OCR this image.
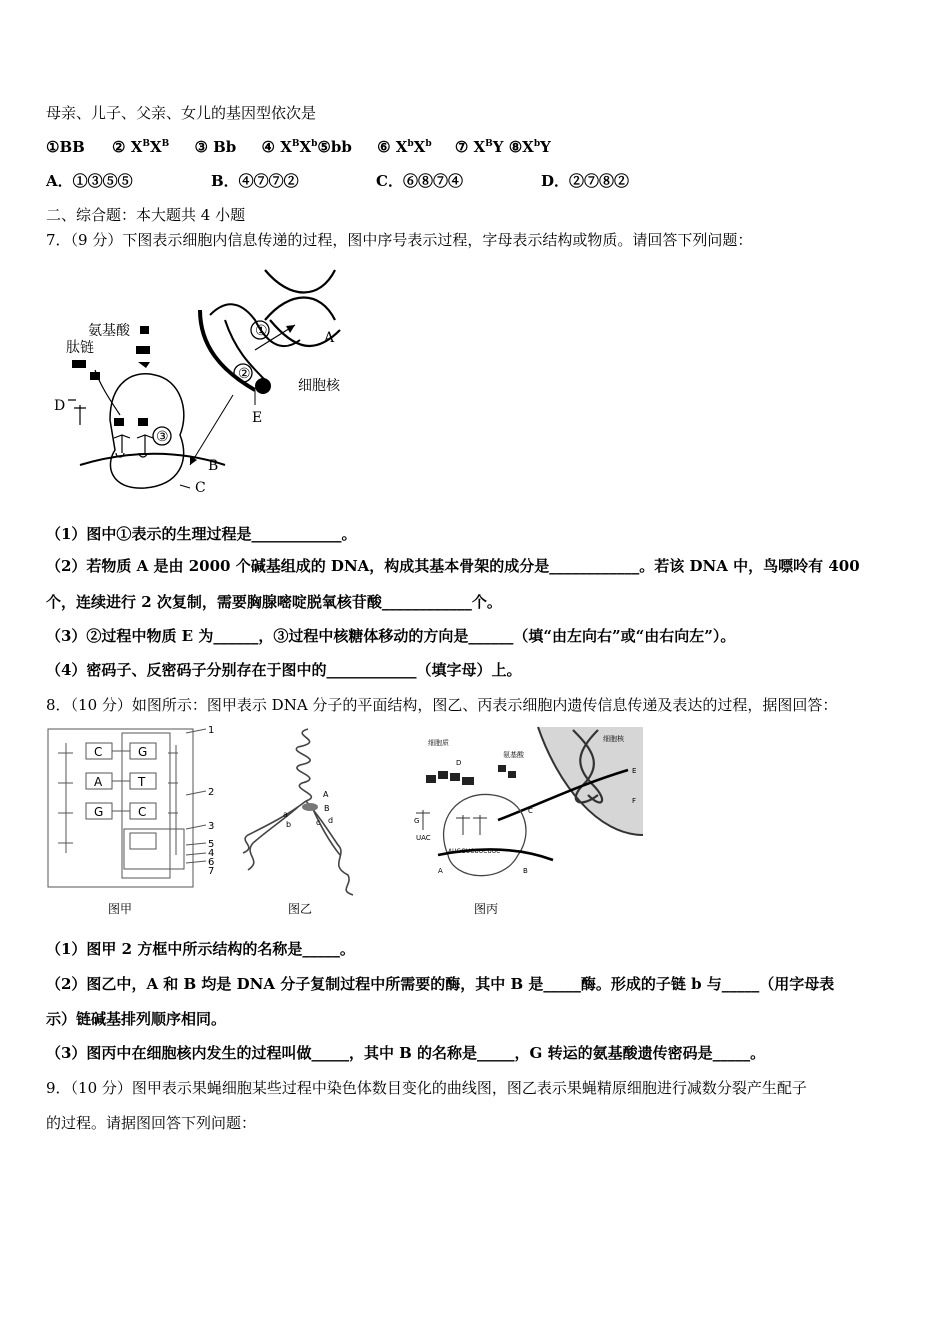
母亲、儿子、父亲、女儿的基因型依次是
①BB ② $X^BX^B$ ③ Bb ④ $X^BX^b⑤bb$ ⑥ $X^bX^b$ ⑦ $X^BY$ $⑧X^bY$
A．①③⑤⑤	B．④⑦⑦②	C．⑥⑧⑦④	D．②⑦⑧②
二、综合题：本大题共 4 小题
7．（9 分）下图表示细胞内信息传递的过程，图中序号表示过程，字母表示结构或物质。请回答下列问题：
①
②
A
E
细胞核
B
C
③
氨基酸
肽链
D
（1）图中①表示的生理过程是____________。
（2）若物质 A 是由 2000 个碱基组成的 DNA，构成其基本骨架的成分是____________。若该 DNA 中，鸟嘌呤有 400
个，连续进行 2 次复制，需要胸腺嘧啶脱氧核苷酸____________个。
（3）②过程中物质 E 为______，③过程中核糖体移动的方向是______（填“由左向右”或“由右向左”）。
（4）密码子、反密码子分别存在于图中的____________（填字母）上。
8．（10 分）如图所示：图甲表示 DNA 分子的平面结构，图乙、丙表示细胞内遗传信息传递及表达的过程，据图回答：
C
A
G
G
T
C
1
2
3
5
4
6
7
图甲
A
B
a
b	c d
图乙
细胞质
氨基酸
细胞核
D
G
C
E
F
A	B
UAC
AUGGUCUUCUUC
图丙
（1）图甲 2 方框中所示结构的名称是_____。
（2）图乙中，A 和 B 均是 DNA 分子复制过程中所需要的酶，其中 B 是_____酶。形成的子链 b 与_____（用字母表
示）链碱基排列顺序相同。
（3）图丙中在细胞核内发生的过程叫做_____，其中 B 的名称是_____，G 转运的氨基酸遗传密码是_____。
9．（10 分）图甲表示果蝇细胞某些过程中染色体数目变化的曲线图，图乙表示果蝇精原细胞进行减数分裂产生配子
的过程。请据图回答下列问题：
